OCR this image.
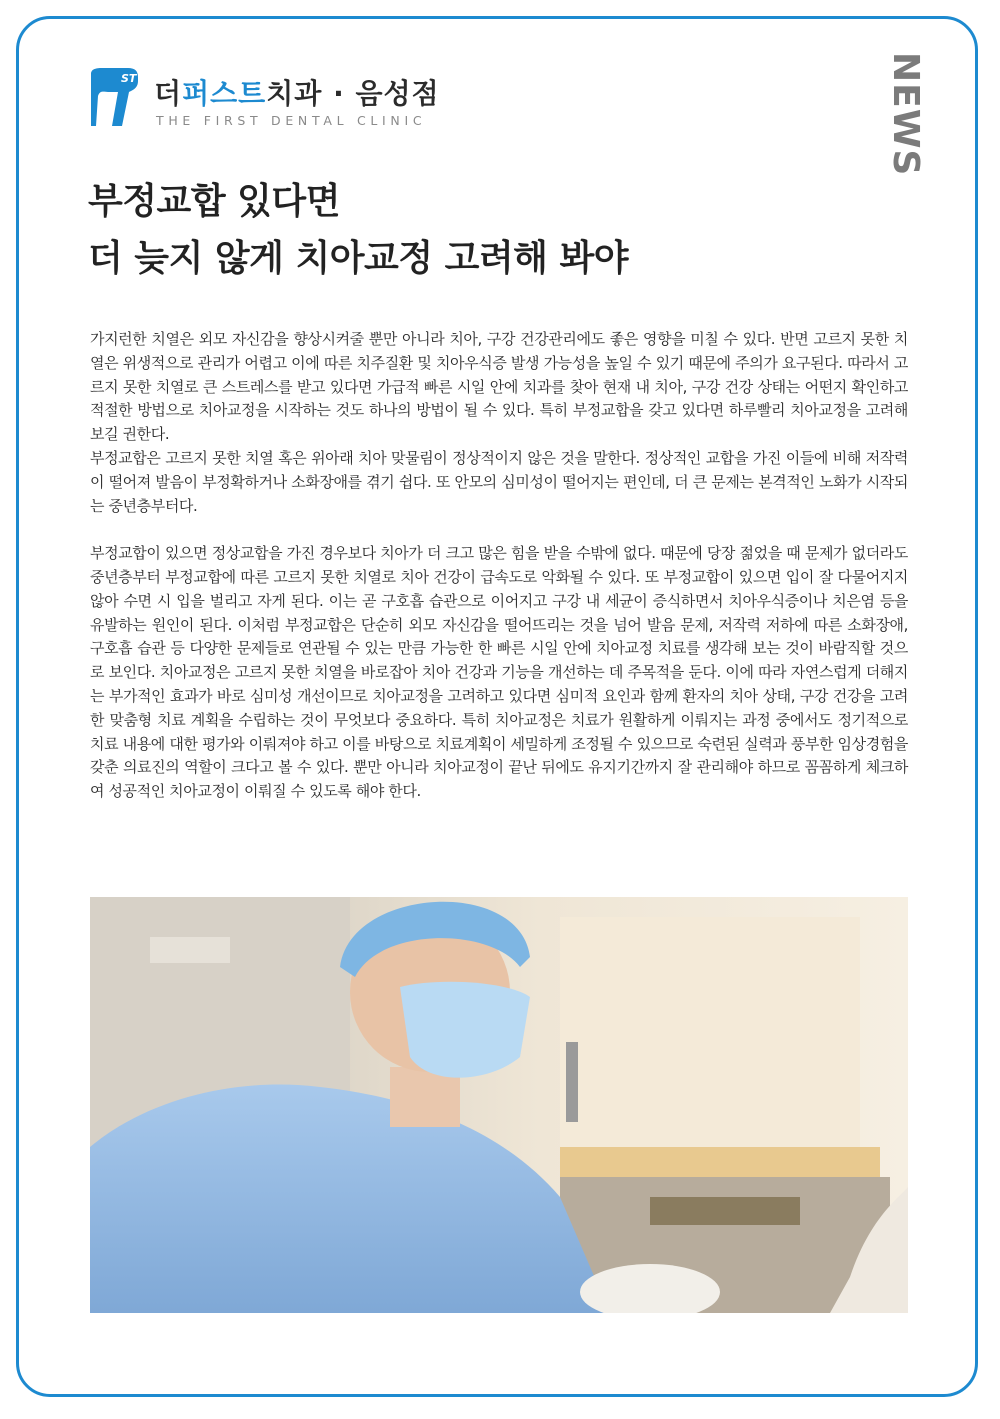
ST 더퍼스트치과 · 음성점
THE FIRST DENTAL CLINIC	NEWS
부정교합 있다면
더 늦지 않게 치아교정 고려해 봐야

가지런한 치열은 외모 자신감을 향상시켜줄 뿐만 아니라 치아, 구강 건강관리에도 좋은 영향을 미칠 수 있다. 반면 고르지 못한 치열은 위생적으로 관리가 어렵고 이에 따른 치주질환 및 치아우식증 발생 가능성을 높일 수 있기 때문에 주의가 요구된다. 따라서 고르지 못한 치열로 큰 스트레스를 받고 있다면 가급적 빠른 시일 안에 치과를 찾아 현재 내 치아, 구강 건강 상태는 어떤지 확인하고 적절한 방법으로 치아교정을 시작하는 것도 하나의 방법이 될 수 있다. 특히 부정교합을 갖고 있다면 하루빨리 치아교정을 고려해 보길 권한다.

부정교합은 고르지 못한 치열 혹은 위아래 치아 맞물림이 정상적이지 않은 것을 말한다. 정상적인 교합을 가진 이들에 비해 저작력이 떨어져 발음이 부정확하거나 소화장애를 겪기 쉽다. 또 안모의 심미성이 떨어지는 편인데, 더 큰 문제는 본격적인 노화가 시작되는 중년층부터다.

부정교합이 있으면 정상교합을 가진 경우보다 치아가 더 크고 많은 힘을 받을 수밖에 없다. 때문에 당장 젊었을 때 문제가 없더라도 중년층부터 부정교합에 따른 고르지 못한 치열로 치아 건강이 급속도로 악화될 수 있다. 또 부정교합이 있으면 입이 잘 다물어지지 않아 수면 시 입을 벌리고 자게 된다. 이는 곧 구호흡 습관으로 이어지고 구강 내 세균이 증식하면서 치아우식증이나 치은염 등을 유발하는 원인이 된다. 이처럼 부정교합은 단순히 외모 자신감을 떨어뜨리는 것을 넘어 발음 문제, 저작력 저하에 따른 소화장애, 구호흡 습관 등 다양한 문제들로 연관될 수 있는 만큼 가능한 한 빠른 시일 안에 치아교정 치료를 생각해 보는 것이 바람직할 것으로 보인다. 치아교정은 고르지 못한 치열을 바로잡아 치아 건강과 기능을 개선하는 데 주목적을 둔다. 이에 따라 자연스럽게 더해지는 부가적인 효과가 바로 심미성 개선이므로 치아교정을 고려하고 있다면 심미적 요인과 함께 환자의 치아 상태, 구강 건강을 고려한 맞춤형 치료 계획을 수립하는 것이 무엇보다 중요하다. 특히 치아교정은 치료가 원활하게 이뤄지는 과정 중에서도 정기적으로 치료 내용에 대한 평가와 이뤄져야 하고 이를 바탕으로 치료계획이 세밀하게 조정될 수 있으므로 숙련된 실력과 풍부한 임상경험을 갖춘 의료진의 역할이 크다고 볼 수 있다. 뿐만 아니라 치아교정이 끝난 뒤에도 유지기간까지 잘 관리해야 하므로 꼼꼼하게 체크하여 성공적인 치아교정이 이뤄질 수 있도록 해야 한다.
